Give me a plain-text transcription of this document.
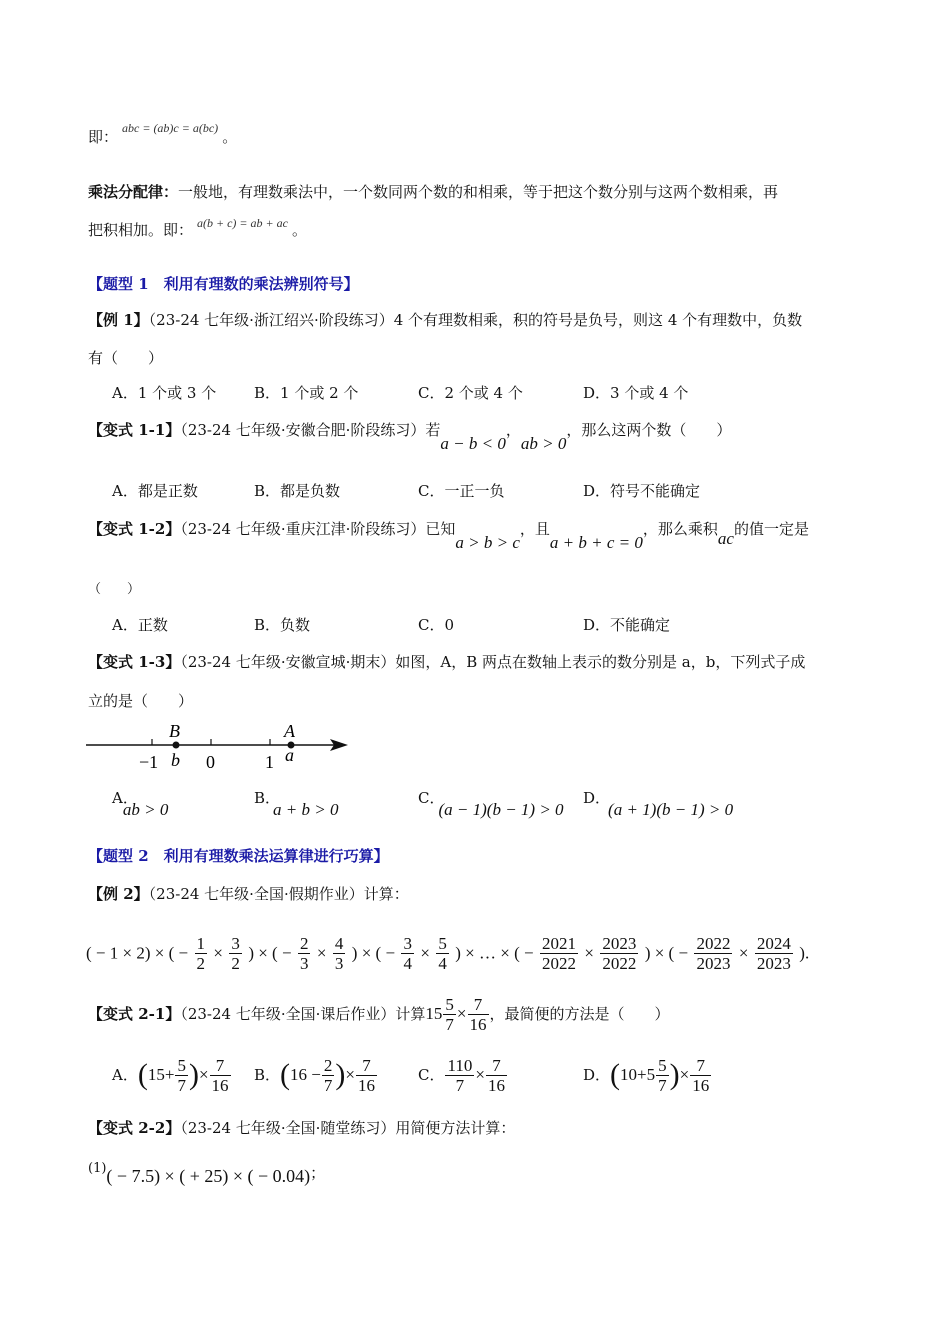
即： $^{abc = (ab)c = a(bc)}$ 。
乘法分配律：一般地，有理数乘法中，一个数同两个数的和相乘，等于把这个数分别与这两个数相乘，再
把积相加。即： $^{a(b + c) = ab + ac}$ 。
【题型 1　利用有理数的乘法辨别符号】
【例 1】（23-24 七年级·浙江绍兴·阶段练习）4 个有理数相乘，积的符号是负号，则这 4 个有理数中，负数
有（　　）
A．1 个或 3 个	B．1 个或 2 个	C．2 个或 4 个	D．3 个或 4 个
【变式 1-1】（23-24 七年级·安徽合肥·阶段练习）若a − b < 0，ab > 0，那么这两个数（　　）
A．都是正数	B．都是负数	C．一正一负	D．符号不能确定
【变式 1-2】（23-24 七年级·重庆江津·阶段练习）已知a > b > c，且a + b + c = 0，那么乘积ac的值一定是
（　　）
A．正数	B．负数	C．0	D．不能确定
【变式 1-3】（23-24 七年级·安徽宣城·期末）如图，A，B 两点在数轴上表示的数分别是 a，b，下列式子成
立的是（　　）
B
b
A
a
−1	0	1
A．ab > 0
B．a + b > 0
C．(a − 1)(b − 1) > 0
D．(a + 1)(b − 1) > 0
【题型 2　利用有理数乘法运算律进行巧算】
【例 2】（23-24 七年级·全国·假期作业）计算：
( − 1 × 2) × ( − $\frac{1}{2} \times \frac{3}{2}$ ) × ( − $\frac{2}{3} \times \frac{4}{3}$ ) × ( − $\frac{3}{4} \times \frac{5}{4}$ ) × … × ( − $\frac{2021}{2022} \times \frac{2023}{2022}$ ) × ( − $\frac{2022}{2023} \times \frac{2024}{2023}$ ).
【变式 2-1】（23-24 七年级·全国·课后作业）计算$15 \frac{5}{7} \times \frac{7}{16}$ ，最简便的方法是（　　）
A．($15+ \frac{5}{7}$ )× $\frac{7}{16}$ B．($16 - \frac{2}{7}$ )× $\frac{7}{16}$	C． $\frac{110}{7} \times \frac{7}{16}$	D．($10+5 \frac{5}{7}$ )× $\frac{7}{16}$
【变式 2-2】（23-24 七年级·全国·随堂练习）用简便方法计算：
(1)( − 7.5) × ( + 25) × ( − 0.04)；
